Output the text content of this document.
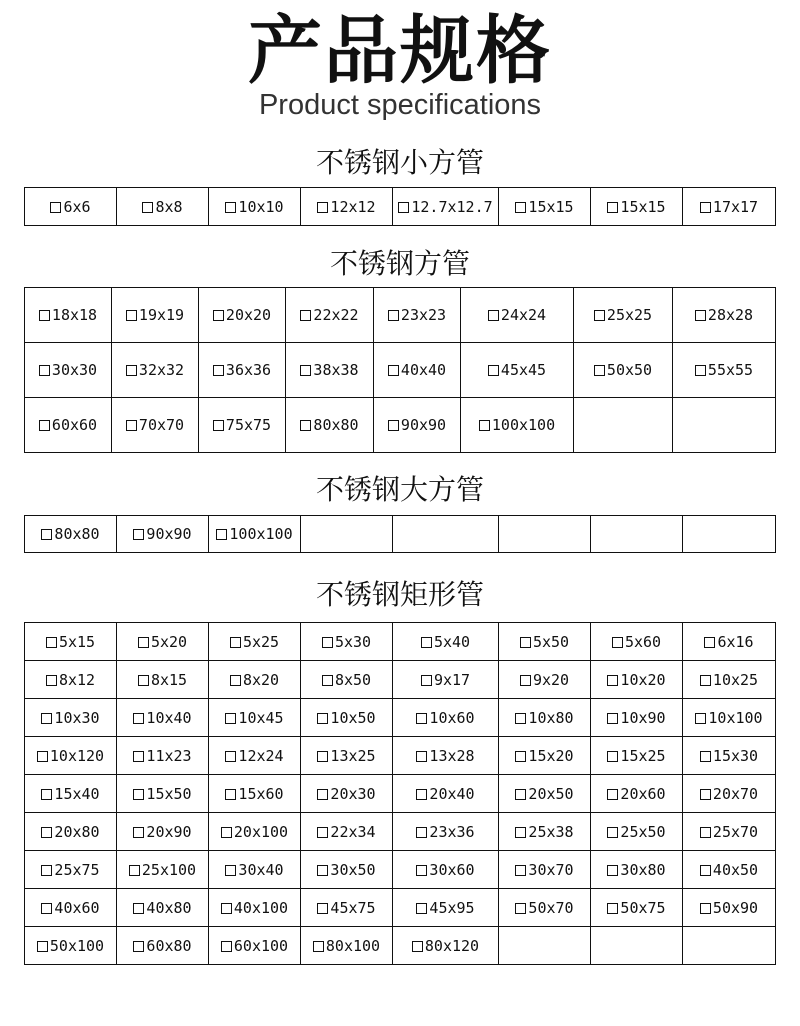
产品规格
Product specifications
不锈钢小方管
6x6	8x8	10x10	12x12	12.7x12.7	15x15	15x15	17x17
不锈钢方管
18x18	19x19	20x20	22x22	23x23	24x24	25x25	28x28
30x30	32x32	36x36	38x38	40x40	45x45	50x50	55x55
60x60	70x70	75x75	80x80	90x90	100x100		
不锈钢大方管
80x80	90x90	100x100					
不锈钢矩形管
5x15	5x20	5x25	5x30	5x40	5x50	5x60	6x16
8x12	8x15	8x20	8x50	9x17	9x20	10x20	10x25
10x30	10x40	10x45	10x50	10x60	10x80	10x90	10x100
10x120	11x23	12x24	13x25	13x28	15x20	15x25	15x30
15x40	15x50	15x60	20x30	20x40	20x50	20x60	20x70
20x80	20x90	20x100	22x34	23x36	25x38	25x50	25x70
25x75	25x100	30x40	30x50	30x60	30x70	30x80	40x50
40x60	40x80	40x100	45x75	45x95	50x70	50x75	50x90
50x100	60x80	60x100	80x100	80x120			
